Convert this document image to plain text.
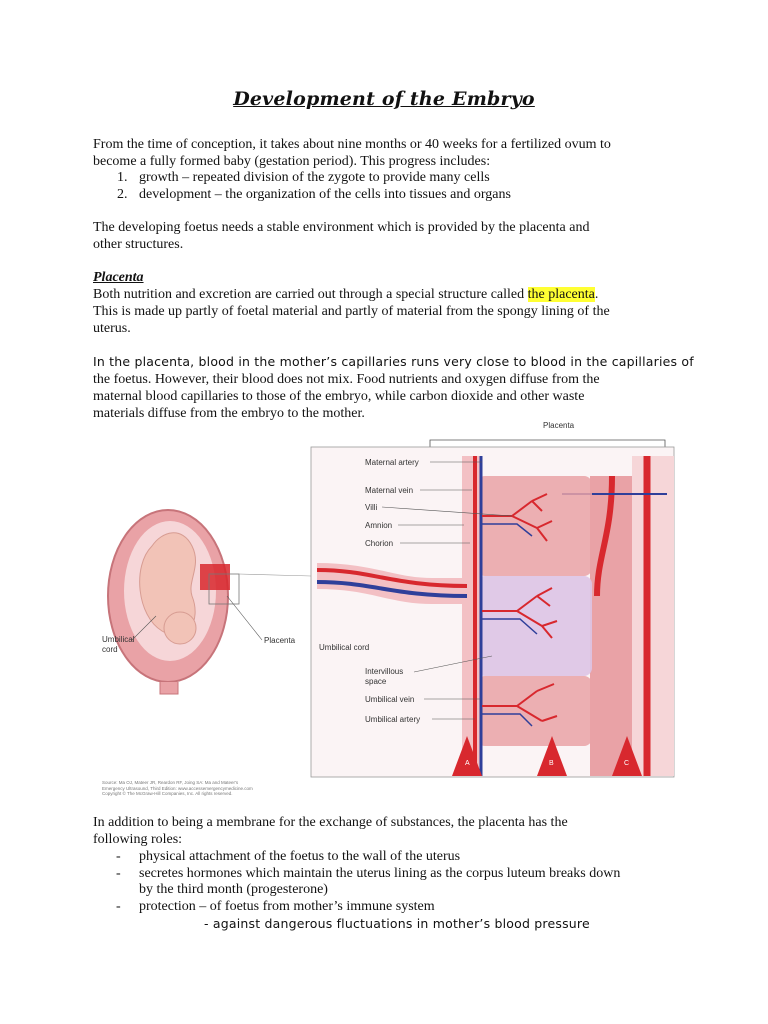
Development of the Embryo

From the time of conception, it takes about nine months or 40 weeks for a fertilized ovum to

become a fully formed baby (gestation period). This progress includes:

1. growth – repeated division of the zygote to provide many cells
2. development – the organization of the cells into tissues and organs

The developing foetus needs a stable environment which is provided by the placenta and

other structures.

Placenta

Both nutrition and excretion are carried out through a special structure called the placenta.

This is made up partly of foetal material and partly of material from the spongy lining of the

uterus.

In the placenta, blood in the mother’s capillaries runs very close to blood in the capillaries of

the foetus. However, their blood does not mix. Food nutrients and oxygen diffuse from the

maternal blood capillaries to those of the embryo, while carbon dioxide and other waste

materials diffuse from the embryo to the mother.

Placenta
A	B	C
Maternal artery
Maternal vein
Villi
Amnion
Chorion
Umbilical cord
Intervillous
space
Umbilical vein
Umbilical artery
Umbilical
cord
Placenta
Source: Ma OJ, Mateer JR, Reardon RF, Joing SA: Ma and Mateer's
Emergency Ultrasound, Third Edition: www.accessemergencymedicine.com
Copyright © The McGraw-Hill Companies, Inc. All rights reserved.

In addition to being a membrane for the exchange of substances, the placenta has the

following roles:

- physical attachment of the foetus to the wall of the uterus
- secretes hormones which maintain the uterus lining as the corpus luteum breaks down
by the third month (progesterone)
- protection – of foetus from mother’s immune system
- against dangerous fluctuations in mother’s blood pressure
